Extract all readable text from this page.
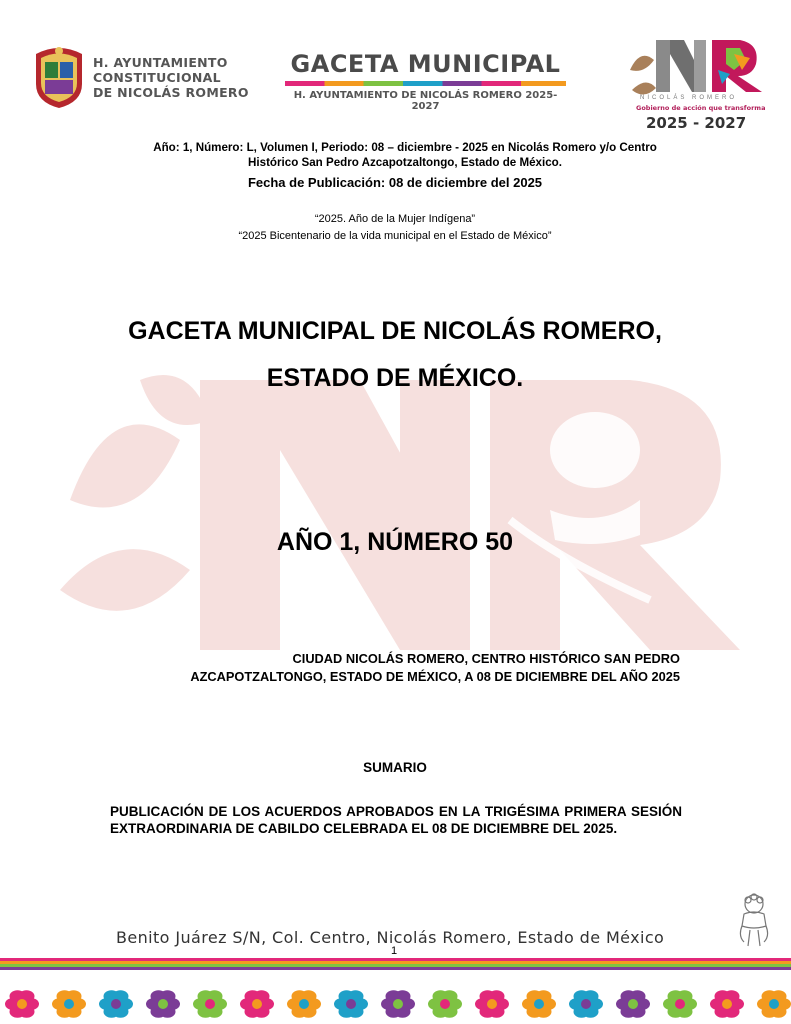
H. AYUNTAMIENTO
CONSTITUCIONAL
DE NICOLÁS ROMERO
GACETA MUNICIPAL
H. AYUNTAMIENTO DE NICOLÁS ROMERO 2025-2027
NICOLÁS ROMERO
Gobierno de acción que transforma
2025 - 2027
Año: 1, Número: L, Volumen I, Periodo: 08 – diciembre - 2025 en Nicolás Romero y/o Centro
Histórico San Pedro Azcapotzaltongo, Estado de México.
Fecha de Publicación: 08 de diciembre del 2025
“2025. Año de la Mujer Indígena”
“2025 Bicentenario de la vida municipal en el Estado de México”
GACETA MUNICIPAL DE NICOLÁS ROMERO,
ESTADO DE MÉXICO.
AÑO 1, NÚMERO 50
CIUDAD NICOLÁS ROMERO, CENTRO HISTÓRICO SAN PEDRO
AZCAPOTZALTONGO, ESTADO DE MÉXICO, A 08 DE DICIEMBRE DEL AÑO 2025
SUMARIO
PUBLICACIÓN DE LOS ACUERDOS APROBADOS EN LA TRIGÉSIMA PRIMERA SESIÓN EXTRAORDINARIA DE CABILDO CELEBRADA EL 08 DE DICIEMBRE DEL 2025.
Benito Juárez S/N, Col. Centro, Nicolás Romero, Estado de México
1
